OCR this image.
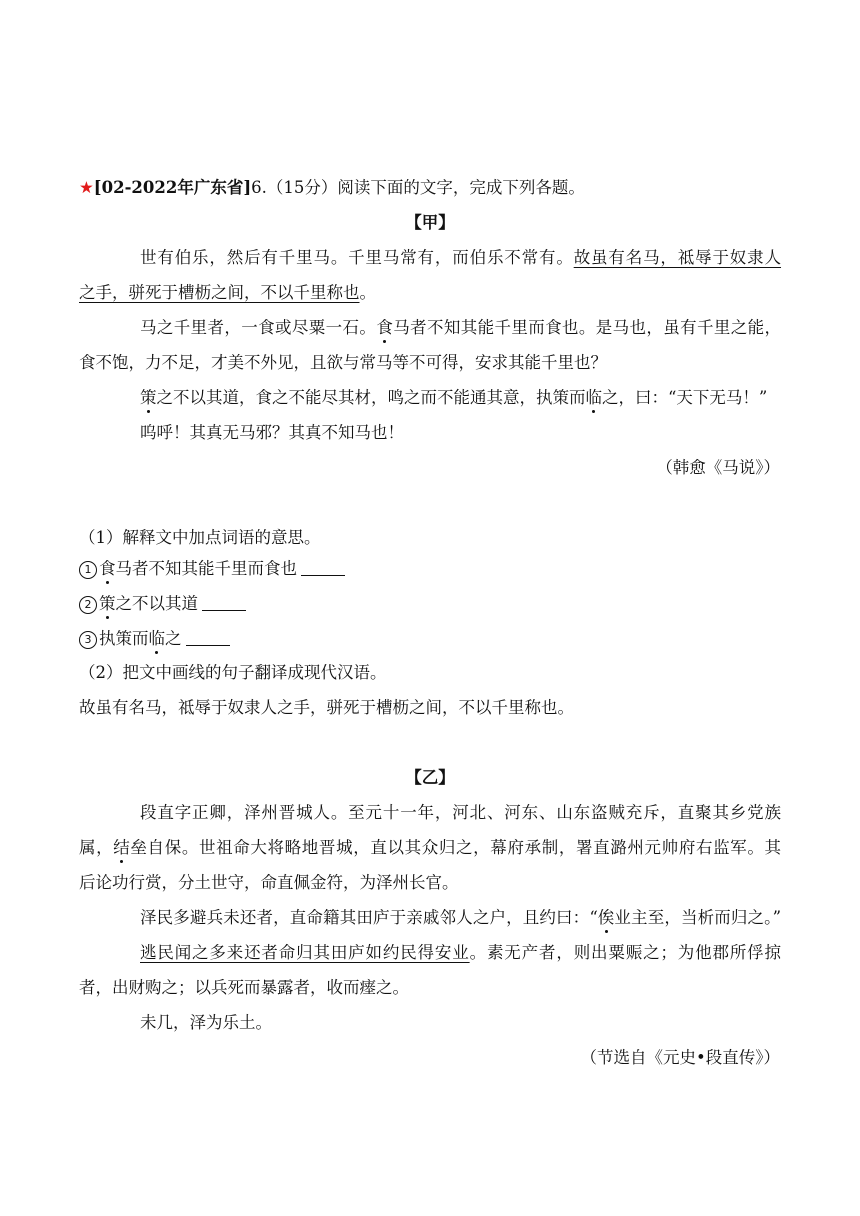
★[02-2022年广东省]6.（15分）阅读下面的文字，完成下列各题。
【甲】
世有伯乐，然后有千里马。千里马常有，而伯乐不常有。故虽有名马，祗辱于奴隶人
之手，骈死于槽枥之间，不以千里称也。
马之千里者，一食或尽粟一石。食马者不知其能千里而食也。是马也，虽有千里之能，
食不饱，力不足，才美不外见，且欲与常马等不可得，安求其能千里也？
策之不以其道，食之不能尽其材，鸣之而不能通其意，执策而临之，曰：“天下无马！”
呜呼！其真无马邪？其真不知马也！
（韩愈《马说》）
（1）解释文中加点词语的意思。
1 食马者不知其能千里而食也
2 策之不以其道
3 执策而临之
（2）把文中画线的句子翻译成现代汉语。
故虽有名马，祗辱于奴隶人之手，骈死于槽枥之间，不以千里称也。
【乙】
段直字正卿，泽州晋城人。至元十一年，河北、河东、山东盗贼充斥，直聚其乡党族
属，结垒自保。世祖命大将略地晋城，直以其众归之，幕府承制，署直潞州元帅府右监军。其
后论功行赏，分土世守，命直佩金符，为泽州长官。
泽民多避兵未还者，直命籍其田庐于亲戚邻人之户，且约曰：“俟业主至，当析而归之。”
逃民闻之多来还者命归其田庐如约民得安业。素无产者，则出粟赈之；为他郡所俘掠
者，出财购之；以兵死而暴露者，收而瘗之。
未几，泽为乐土。
（节选自《元史•段直传》）
